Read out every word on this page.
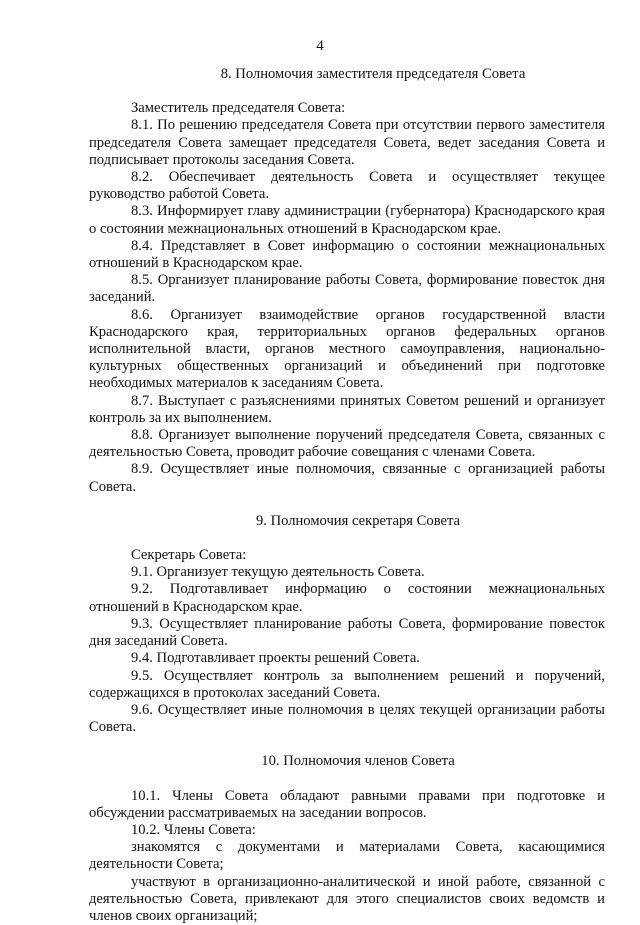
4

8. Полномочия заместителя председателя Совета

Заместитель председателя Совета:

8.1. По решению председателя Совета при отсутствии первого заместителя председателя Совета замещает председателя Совета, ведет заседания Совета и подписывает протоколы заседания Совета.

8.2. Обеспечивает деятельность Совета и осуществляет текущее руководство работой Совета.

8.3. Информирует главу администрации (губернатора) Краснодарского края о состоянии межнациональных отношений в Краснодарском крае.

8.4. Представляет в Совет информацию о состоянии межнациональных отношений в Краснодарском крае.

8.5. Организует планирование работы Совета, формирование повесток дня заседаний.

8.6. Организует взаимодействие органов государственной власти Краснодарского края, территориальных органов федеральных органов исполнительной власти, органов местного самоуправления, национально-культурных общественных организаций и объединений при подготовке необходимых материалов к заседаниям Совета.

8.7. Выступает с разъяснениями принятых Советом решений и организует контроль за их выполнением.

8.8. Организует выполнение поручений председателя Совета, связанных с деятельностью Совета, проводит рабочие совещания с членами Совета.

8.9. Осуществляет иные полномочия, связанные с организацией работы Совета.

9. Полномочия секретаря Совета

Секретарь Совета:

9.1. Организует текущую деятельность Совета.

9.2. Подготавливает информацию о состоянии межнациональных отношений в Краснодарском крае.

9.3. Осуществляет планирование работы Совета, формирование повесток дня заседаний Совета.

9.4. Подготавливает проекты решений Совета.

9.5. Осуществляет контроль за выполнением решений и поручений, содержащихся в протоколах заседаний Совета.

9.6. Осуществляет иные полномочия в целях текущей организации работы Совета.

10. Полномочия членов Совета

10.1. Члены Совета обладают равными правами при подготовке и обсуждении рассматриваемых на заседании вопросов.

10.2. Члены Совета:

знакомятся с документами и материалами Совета, касающимися деятельности Совета;

участвуют в организационно-аналитической и иной работе, связанной с деятельностью Совета, привлекают для этого специалистов своих ведомств и членов своих организаций;
